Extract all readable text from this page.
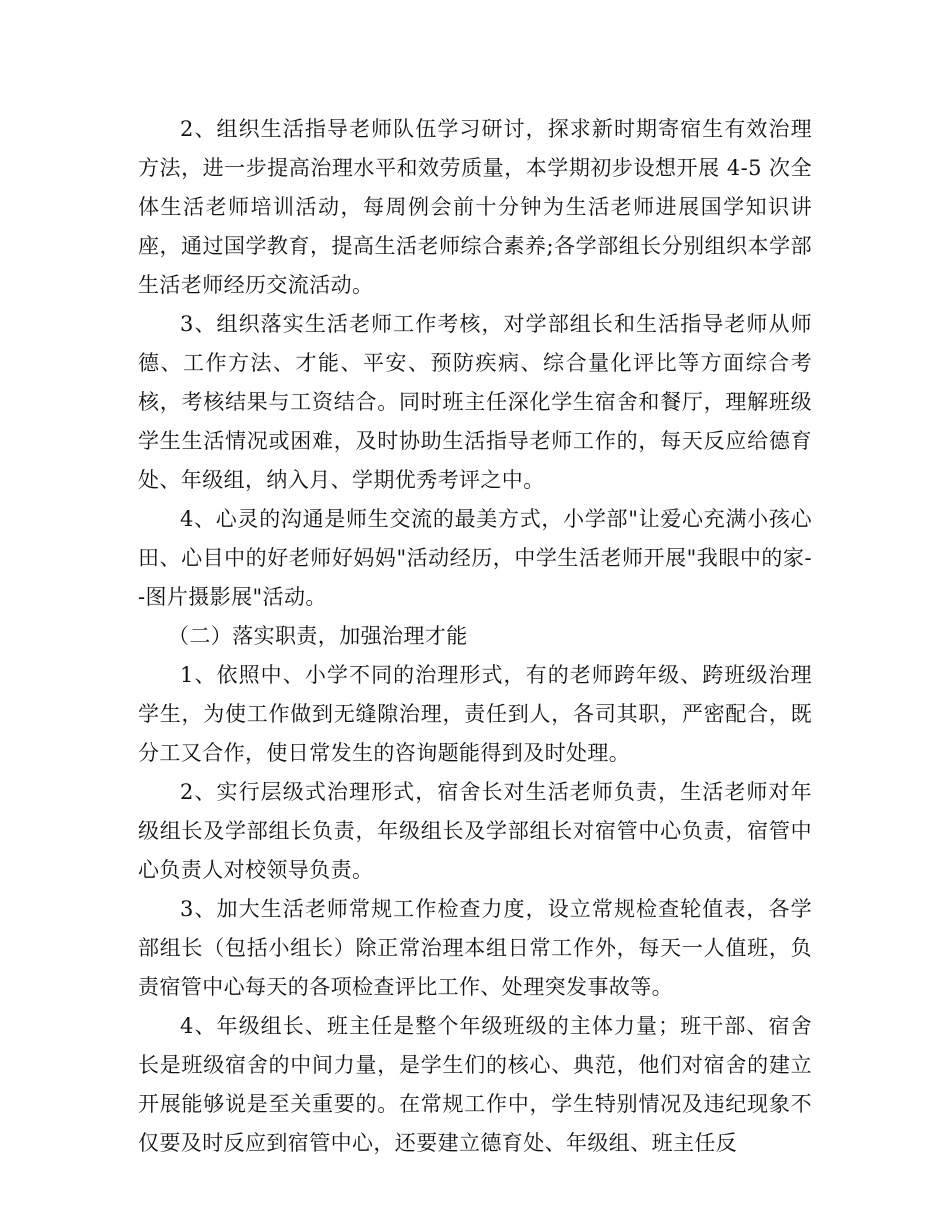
2、组织生活指导老师队伍学习研讨，探求新时期寄宿生有效治理方法，进一步提高治理水平和效劳质量，本学期初步设想开展 4-5 次全体生活老师培训活动，每周例会前十分钟为生活老师进展国学知识讲座，通过国学教育，提高生活老师综合素养;各学部组长分别组织本学部生活老师经历交流活动。

3、组织落实生活老师工作考核，对学部组长和生活指导老师从师德、工作方法、才能、平安、预防疾病、综合量化评比等方面综合考核，考核结果与工资结合。同时班主任深化学生宿舍和餐厅，理解班级学生生活情况或困难，及时协助生活指导老师工作的，每天反应给德育处、年级组，纳入月、学期优秀考评之中。

4、心灵的沟通是师生交流的最美方式，小学部"让爱心充满小孩心田、心目中的好老师好妈妈"活动经历，中学生活老师开展"我眼中的家--图片摄影展"活动。

（二）落实职责，加强治理才能

1、依照中、小学不同的治理形式，有的老师跨年级、跨班级治理学生，为使工作做到无缝隙治理，责任到人，各司其职，严密配合，既分工又合作，使日常发生的咨询题能得到及时处理。

2、实行层级式治理形式，宿舍长对生活老师负责，生活老师对年级组长及学部组长负责，年级组长及学部组长对宿管中心负责，宿管中心负责人对校领导负责。

3、加大生活老师常规工作检查力度，设立常规检查轮值表，各学部组长（包括小组长）除正常治理本组日常工作外，每天一人值班，负责宿管中心每天的各项检查评比工作、处理突发事故等。

4、年级组长、班主任是整个年级班级的主体力量；班干部、宿舍长是班级宿舍的中间力量，是学生们的核心、典范，他们对宿舍的建立开展能够说是至关重要的。在常规工作中，学生特别情况及违纪现象不仅要及时反应到宿管中心，还要建立德育处、年级组、班主任反
